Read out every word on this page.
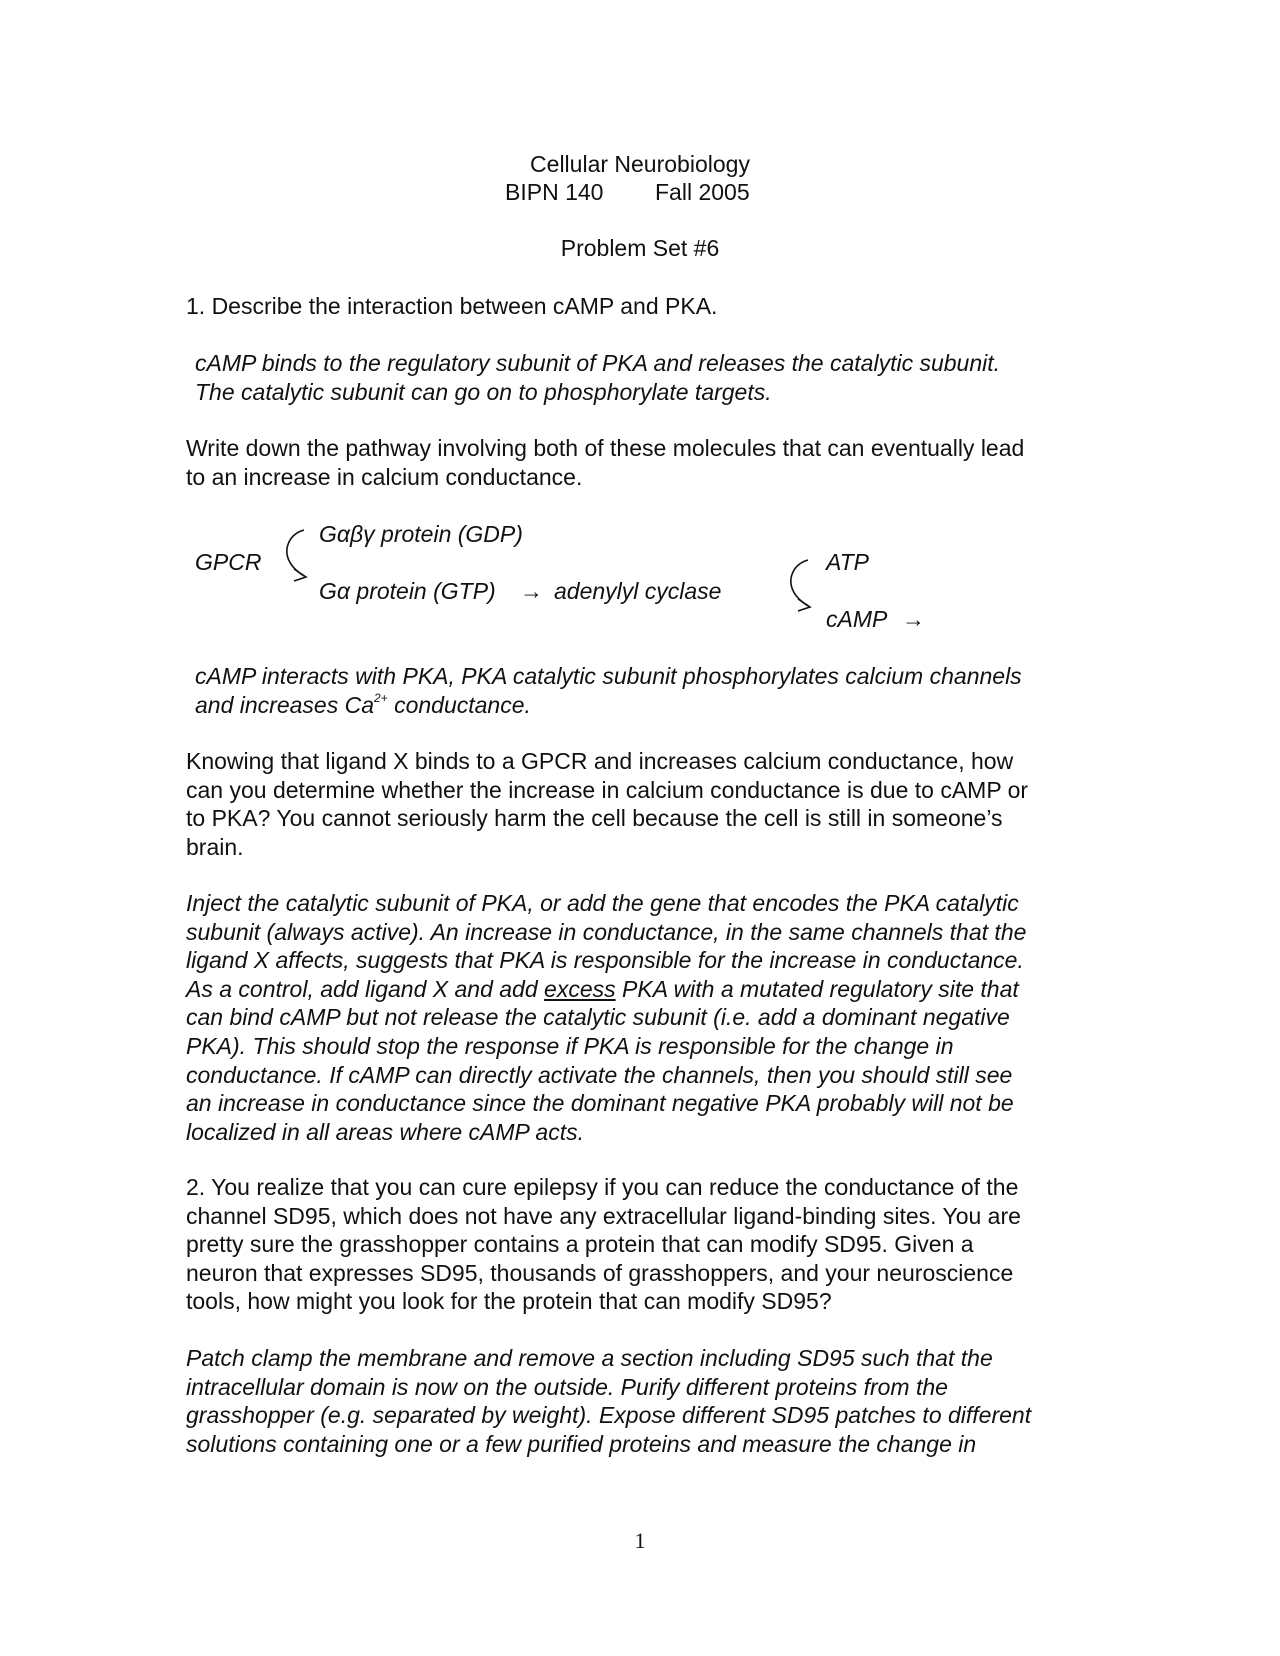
Cellular Neurobiology

BIPN 140 Fall 2005

Problem Set #6

1. Describe the interaction between cAMP and PKA.

cAMP binds to the regulatory subunit of PKA and releases the catalytic subunit.
The catalytic subunit can go on to phosphorylate targets.
Write down the pathway involving both of these molecules that can eventually lead
to an increase in calcium conductance.
GPCR
Gαβγ protein (GDP)
Gα protein (GTP) → adenylyl cyclase
ATP
cAMP →
cAMP interacts with PKA, PKA catalytic subunit phosphorylates calcium channels
and increases $Ca^{2+}$ conductance.
Knowing that ligand X binds to a GPCR and increases calcium conductance, how
can you determine whether the increase in calcium conductance is due to cAMP or
to PKA? You cannot seriously harm the cell because the cell is still in someone’s
brain.
Inject the catalytic subunit of PKA, or add the gene that encodes the PKA catalytic
subunit (always active). An increase in conductance, in the same channels that the
ligand X affects, suggests that PKA is responsible for the increase in conductance.
As a control, add ligand X and add excess PKA with a mutated regulatory site that
can bind cAMP but not release the catalytic subunit (i.e. add a dominant negative
PKA). This should stop the response if PKA is responsible for the change in
conductance. If cAMP can directly activate the channels, then you should still see
an increase in conductance since the dominant negative PKA probably will not be
localized in all areas where cAMP acts.
2. You realize that you can cure epilepsy if you can reduce the conductance of the
channel SD95, which does not have any extracellular ligand-binding sites. You are
pretty sure the grasshopper contains a protein that can modify SD95. Given a
neuron that expresses SD95, thousands of grasshoppers, and your neuroscience
tools, how might you look for the protein that can modify SD95?
Patch clamp the membrane and remove a section including SD95 such that the
intracellular domain is now on the outside. Purify different proteins from the
grasshopper (e.g. separated by weight). Expose different SD95 patches to different
solutions containing one or a few purified proteins and measure the change in
1
